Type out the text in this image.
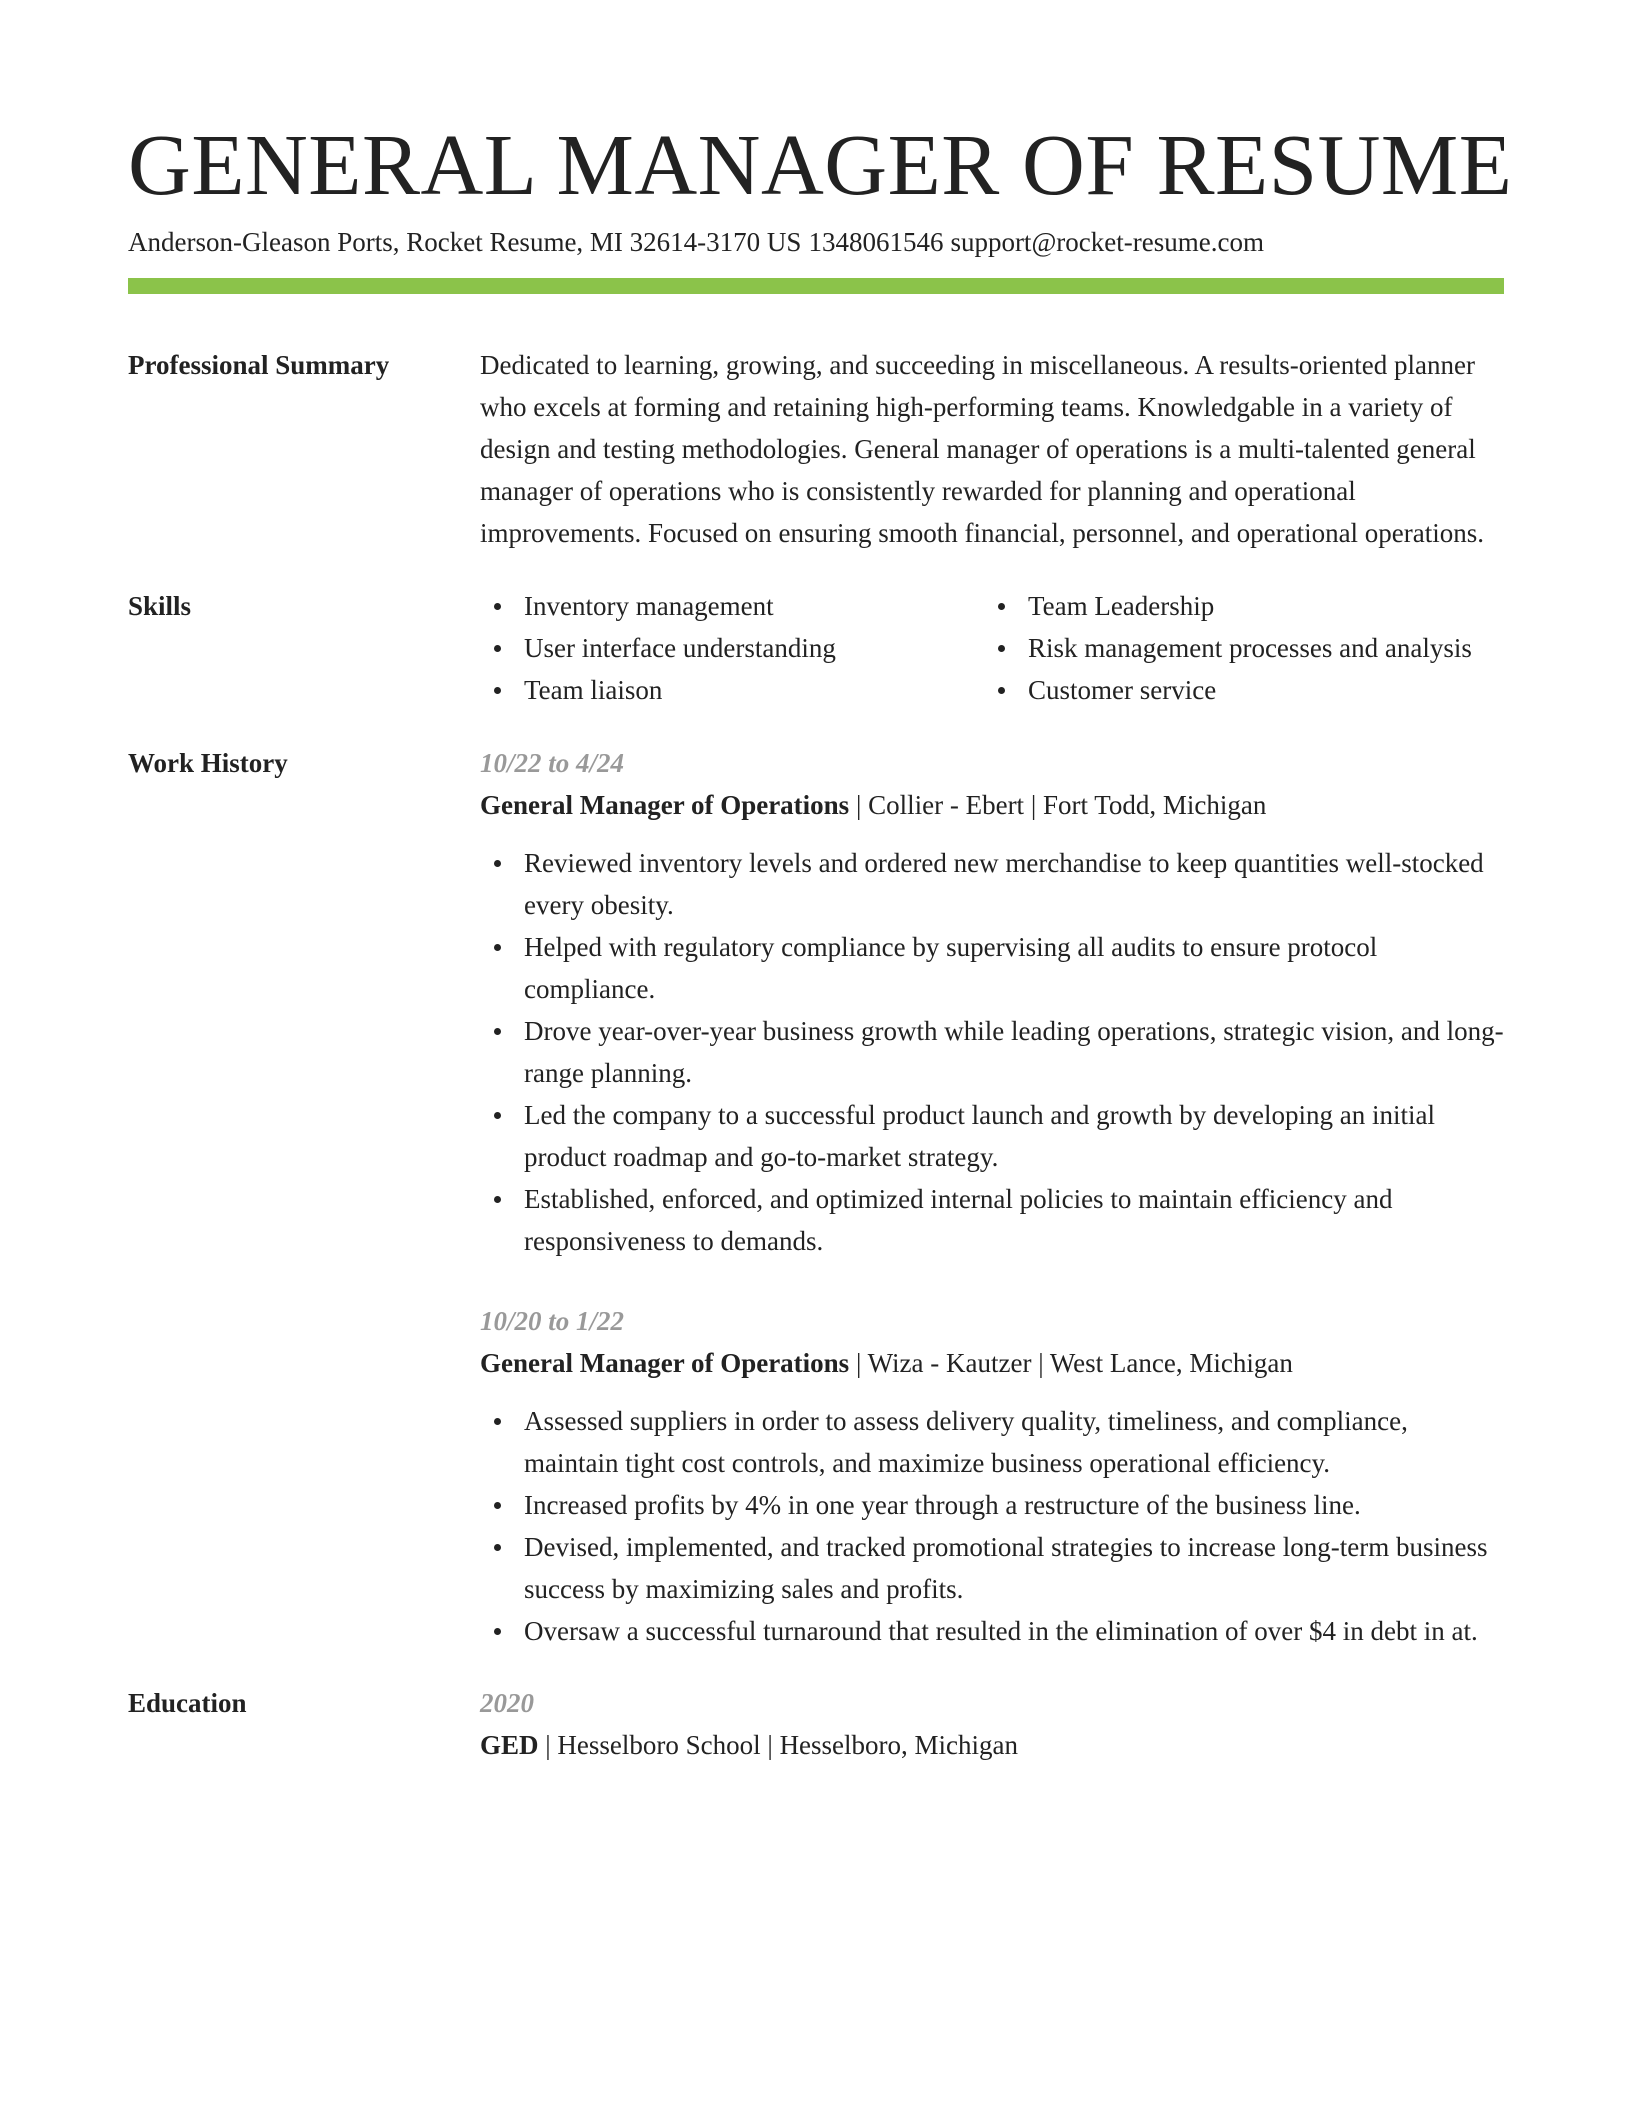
GENERAL MANAGER OF RESUME
Anderson-Gleason Ports, Rocket Resume, MI 32614-3170 US 1348061546 support@rocket-resume.com
Professional Summary	Dedicated to learning, growing, and succeeding in miscellaneous. A results-oriented planner who excels at forming and retaining high-performing teams. Knowledgable in a variety of design and testing methodologies. General manager of operations is a multi-talented general manager of operations who is consistently rewarded for planning and operational improvements. Focused on ensuring smooth financial, personnel, and operational operations.
Skills	Inventory management
User interface understanding
Team liaison
Team Leadership
Risk management processes and analysis
Customer service
Work History	10/22 to 4/24
General Manager of Operations | Collier - Ebert | Fort Todd, Michigan
Reviewed inventory levels and ordered new merchandise to keep quantities well-stocked every obesity.
Helped with regulatory compliance by supervising all audits to ensure protocol compliance.
Drove year-over-year business growth while leading operations, strategic vision, and long-range planning.
Led the company to a successful product launch and growth by developing an initial product roadmap and go-to-market strategy.
Established, enforced, and optimized internal policies to maintain efficiency and responsiveness to demands.
10/20 to 1/22
General Manager of Operations | Wiza - Kautzer | West Lance, Michigan
Assessed suppliers in order to assess delivery quality, timeliness, and compliance, maintain tight cost controls, and maximize business operational efficiency.
Increased profits by 4% in one year through a restructure of the business line.
Devised, implemented, and tracked promotional strategies to increase long-term business success by maximizing sales and profits.
Oversaw a successful turnaround that resulted in the elimination of over $4 in debt in at.
Education	2020
GED | Hesselboro School | Hesselboro, Michigan
